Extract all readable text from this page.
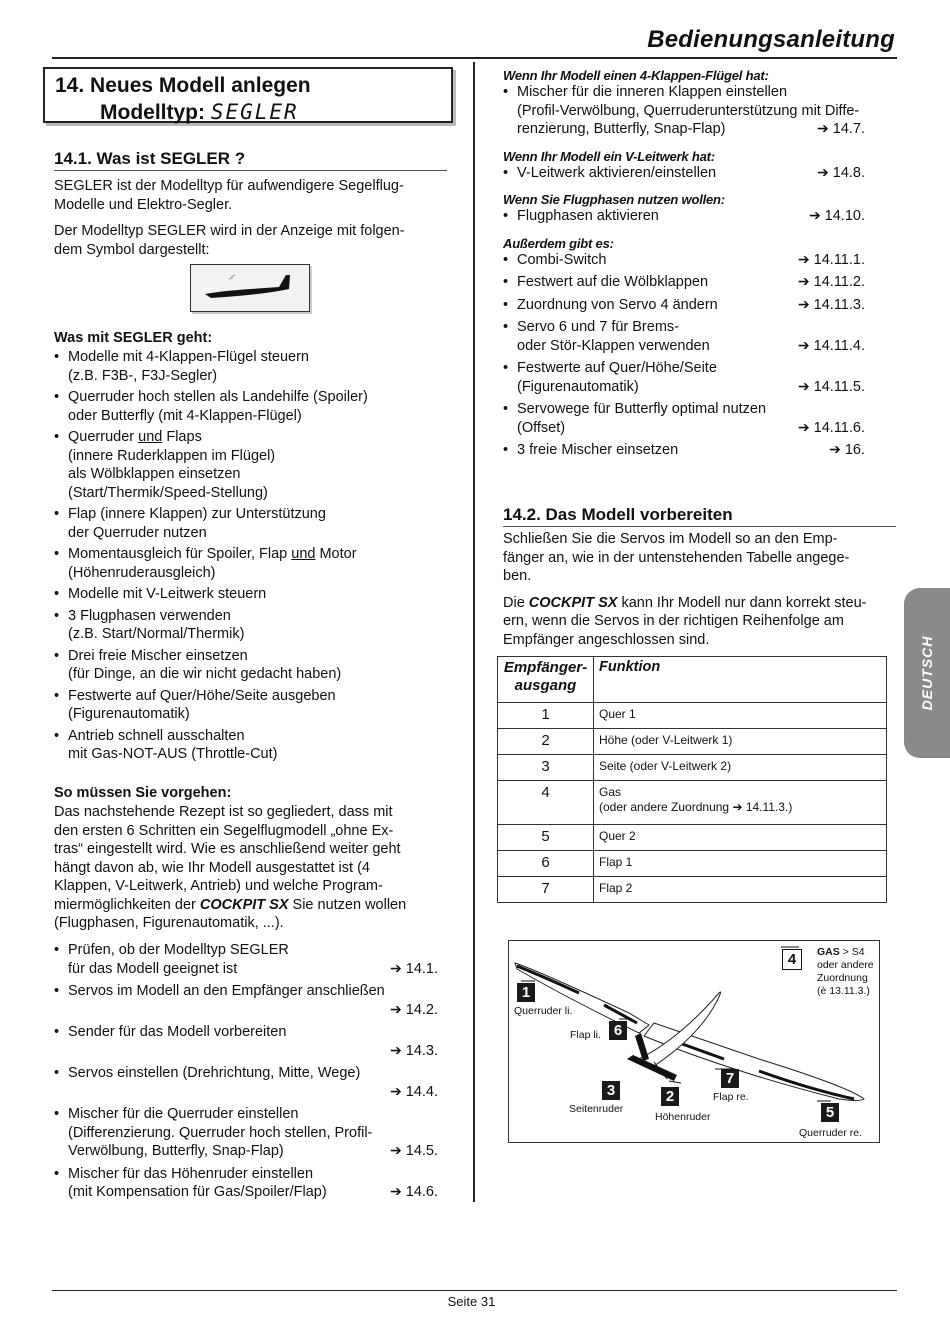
Bedienungsanleitung
14. Neues Modell anlegen
Modelltyp: SEGLER
14.1. Was ist SEGLER ?
SEGLER ist der Modelltyp für aufwendigere Segelflug-
Modelle und Elektro-Segler.
Der Modelltyp SEGLER wird in der Anzeige mit folgen-
dem Symbol dargestellt:
Was mit SEGLER geht:
• Modelle mit 4-Klappen-Flügel steuern
(z.B. F3B-, F3J-Segler)
• Querruder hoch stellen als Landehilfe (Spoiler)
oder Butterfly (mit 4-Klappen-Flügel)
• Querruder und Flaps
(innere Ruderklappen im Flügel)
als Wölbklappen einsetzen
(Start/Thermik/Speed-Stellung)
• Flap (innere Klappen) zur Unterstützung
der Querruder nutzen
• Momentausgleich für Spoiler, Flap und Motor
(Höhenruderausgleich)
• Modelle mit V-Leitwerk steuern
• 3 Flugphasen verwenden
(z.B. Start/Normal/Thermik)
• Drei freie Mischer einsetzen
(für Dinge, an die wir nicht gedacht haben)
• Festwerte auf Quer/Höhe/Seite ausgeben
(Figurenautomatik)
• Antrieb schnell ausschalten
mit Gas-NOT-AUS (Throttle-Cut)
So müssen Sie vorgehen:
Das nachstehende Rezept ist so gegliedert, dass mit
den ersten 6 Schritten ein Segelflugmodell „ohne Ex-
tras“ eingestellt wird. Wie es anschließend weiter geht
hängt davon ab, wie Ihr Modell ausgestattet ist (4
Klappen, V-Leitwerk, Antrieb) und welche Program-
miermöglichkeiten der COCKPIT SX Sie nutzen wollen
(Flugphasen, Figurenautomatik, ...).
• Prüfen, ob der Modelltyp SEGLER
für das Modell geeignet ist	➔ 14.1.
• Servos im Modell an den Empfänger anschließen

➔ 14.2.
• Sender für das Modell vorbereiten

➔ 14.3.
• Servos einstellen (Drehrichtung, Mitte, Wege)

➔ 14.4.
• Mischer für die Querruder einstellen
(Differenzierung. Querruder hoch stellen, Profil-
Verwölbung, Butterfly, Snap-Flap)	➔ 14.5.
• Mischer für das Höhenruder einstellen
(mit Kompensation für Gas/Spoiler/Flap)	➔ 14.6.
Wenn Ihr Modell einen 4-Klappen-Flügel hat:
• Mischer für die inneren Klappen einstellen
(Profil-Verwölbung, Querruderunterstützung mit Diffe-
renzierung, Butterfly, Snap-Flap)	➔ 14.7.
Wenn Ihr Modell ein V-Leitwerk hat:
• V-Leitwerk aktivieren/einstellen	➔ 14.8.
Wenn Sie Flugphasen nutzen wollen:
• Flugphasen aktivieren	➔ 14.10.
Außerdem gibt es:
• Combi-Switch	➔ 14.11.1.
• Festwert auf die Wölbklappen	➔ 14.11.2.
• Zuordnung von Servo 4 ändern	➔ 14.11.3.
• Servo 6 und 7 für Brems-
oder Stör-Klappen verwenden	➔ 14.11.4.
• Festwerte auf Quer/Höhe/Seite
(Figurenautomatik)	➔ 14.11.5.
• Servowege für Butterfly optimal nutzen
(Offset)	➔ 14.11.6.
• 3 freie Mischer einsetzen	➔ 16.
14.2. Das Modell vorbereiten
Schließen Sie die Servos im Modell so an den Emp-
fänger an, wie in der untenstehenden Tabelle angege-
ben.
Die COCKPIT SX kann Ihr Modell nur dann korrekt steu-
ern, wenn die Servos in der richtigen Reihenfolge am
Empfänger angeschlossen sind.	DEUTSCH
Empfänger-
ausgang	Funktion
1	Quer 1

2	Höhe (oder V-Leitwerk 1)

3	Seite (oder V-Leitwerk 2)

4	Gas
(oder andere Zuordnung ➔ 14.11.3.)

5	Quer 2

6	Flap 1

7	Flap 2
1
Querruder li.
6
Flap li.
3
Seitenruder
2
Höhenruder
7
Flap re.
5
Querruder re.
4	GAS > S4
oder andere
Zuordnung
(è 13.11.3.)
Seite 31
